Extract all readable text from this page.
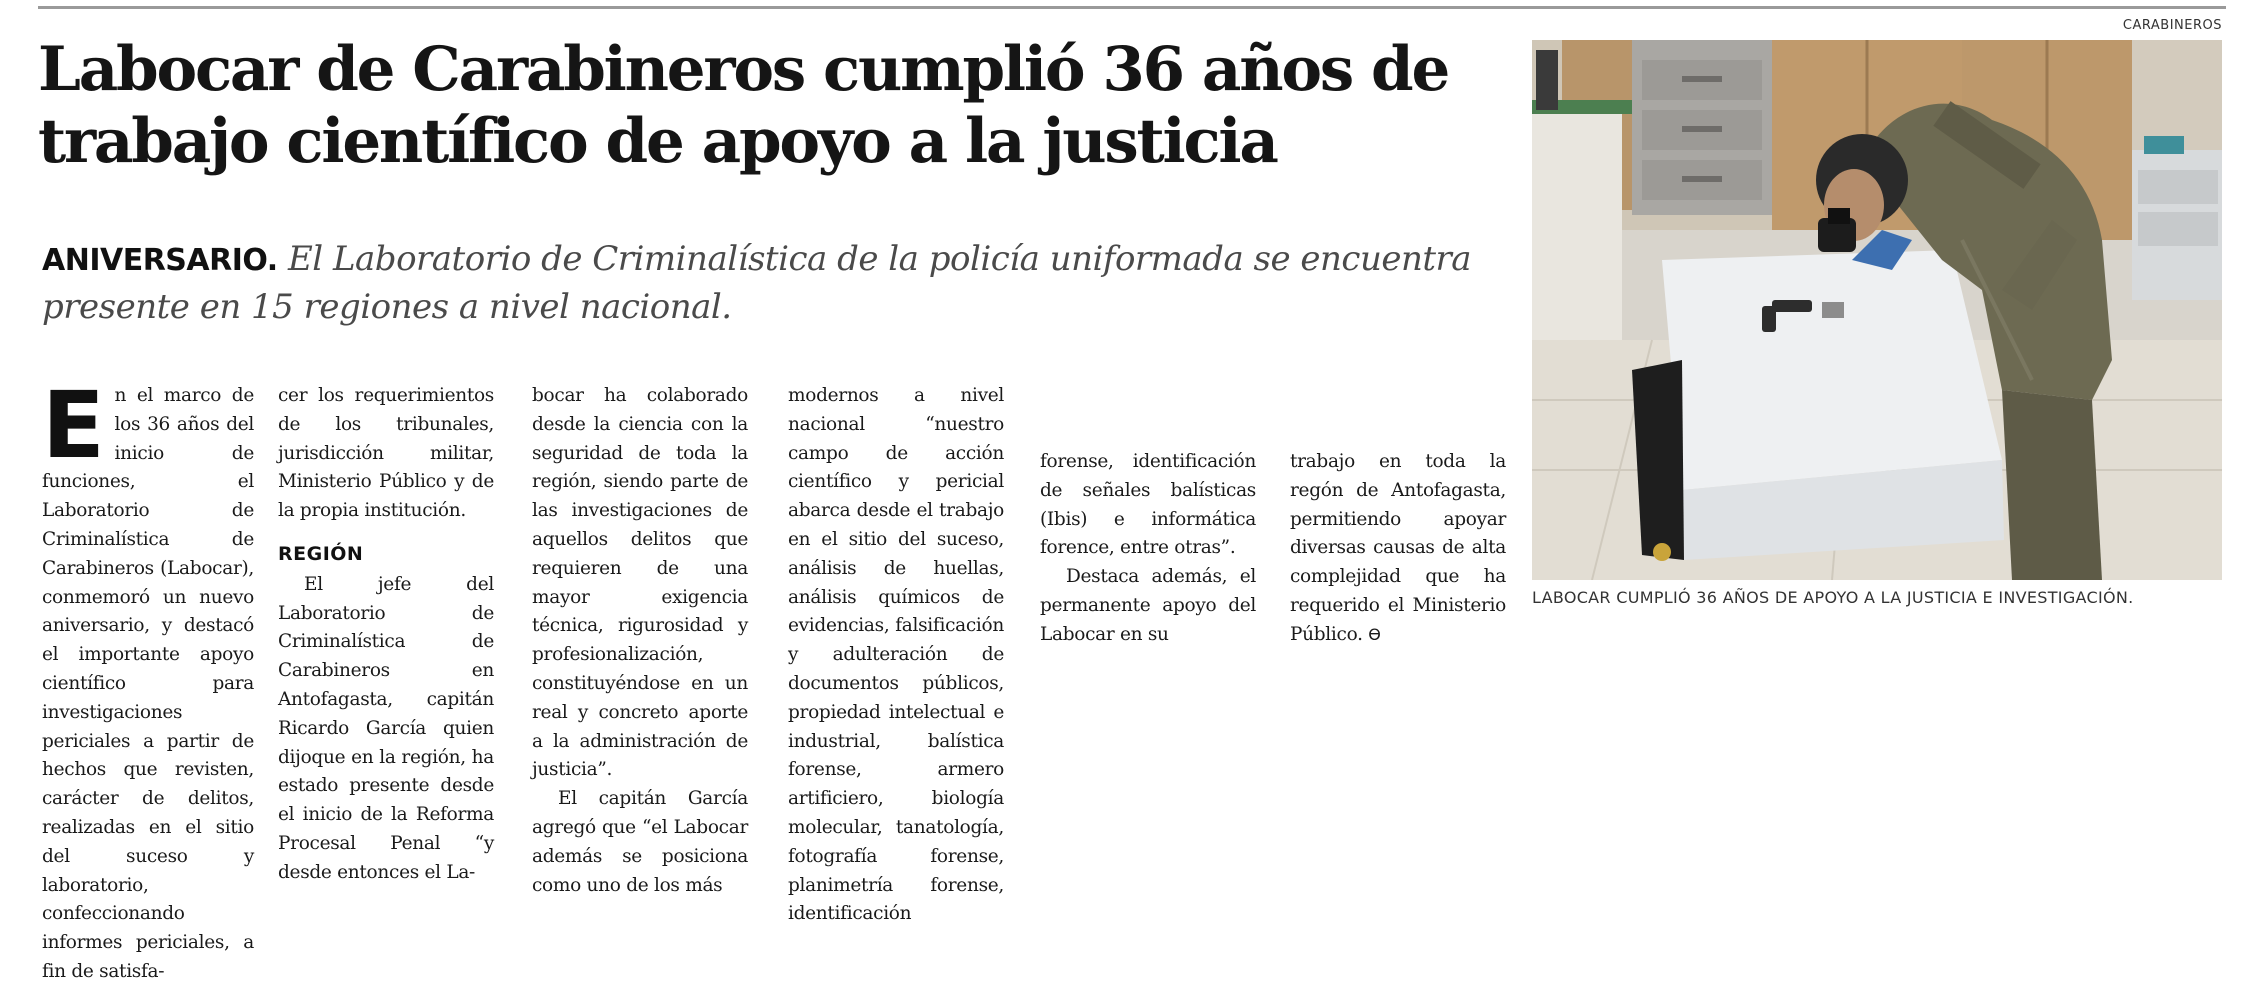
Labocar de Carabineros cumplió 36 años de trabajo científico de apoyo a la justicia

ANIVERSARIO. El Laboratorio de Criminalística de la policía uniformada se encuentra presente en 15 regiones a nivel nacional.

En el marco de los 36 años del inicio de funciones, el Laboratorio de Criminalística de Carabineros (Labocar), conmemoró un nuevo aniversario, y destacó el importante apoyo científico para investigaciones periciales a partir de hechos que revisten, carácter de delitos, realizadas en el sitio del suceso y laboratorio, confeccionando informes periciales, a fin de satisfa-

cer los requerimientos de los tribunales, jurisdicción militar, Ministerio Público y de la propia institución.

REGIÓN

El jefe del Laboratorio de Criminalística de Carabineros en Antofagasta, capitán Ricardo García quien dijoque en la región, ha estado presente desde el inicio de la Reforma Procesal Penal “y desde entonces el La-

bocar ha colaborado desde la ciencia con la seguridad de toda la región, siendo parte de las investigaciones de aquellos delitos que requieren de una mayor exigencia técnica, rigurosidad y profesionalización, constituyéndose en un real y concreto aporte a la administración de justicia”.

El capitán García agregó que “el Labocar además se posiciona como uno de los más

modernos a nivel nacional “nuestro campo de acción científico y pericial abarca desde el trabajo en el sitio del suceso, análisis de huellas, análisis químicos de evidencias, falsificación y adulteración de documentos públicos, propiedad intelectual e industrial, balística forense, armero artificiero, biología molecular, tanatología, fotografía forense, planimetría forense, identificación

forense, identificación de señales balísticas (Ibis) e informática forence, entre otras”.

Destaca además, el permanente apoyo del Labocar en su

trabajo en toda la regón de Antofagasta, permitiendo apoyar diversas causas de alta complejidad que ha requerido el Ministerio Público. ϴ

CARABINEROS
LABOCAR CUMPLIÓ 36 AÑOS DE APOYO A LA JUSTICIA E INVESTIGACIÓN.
